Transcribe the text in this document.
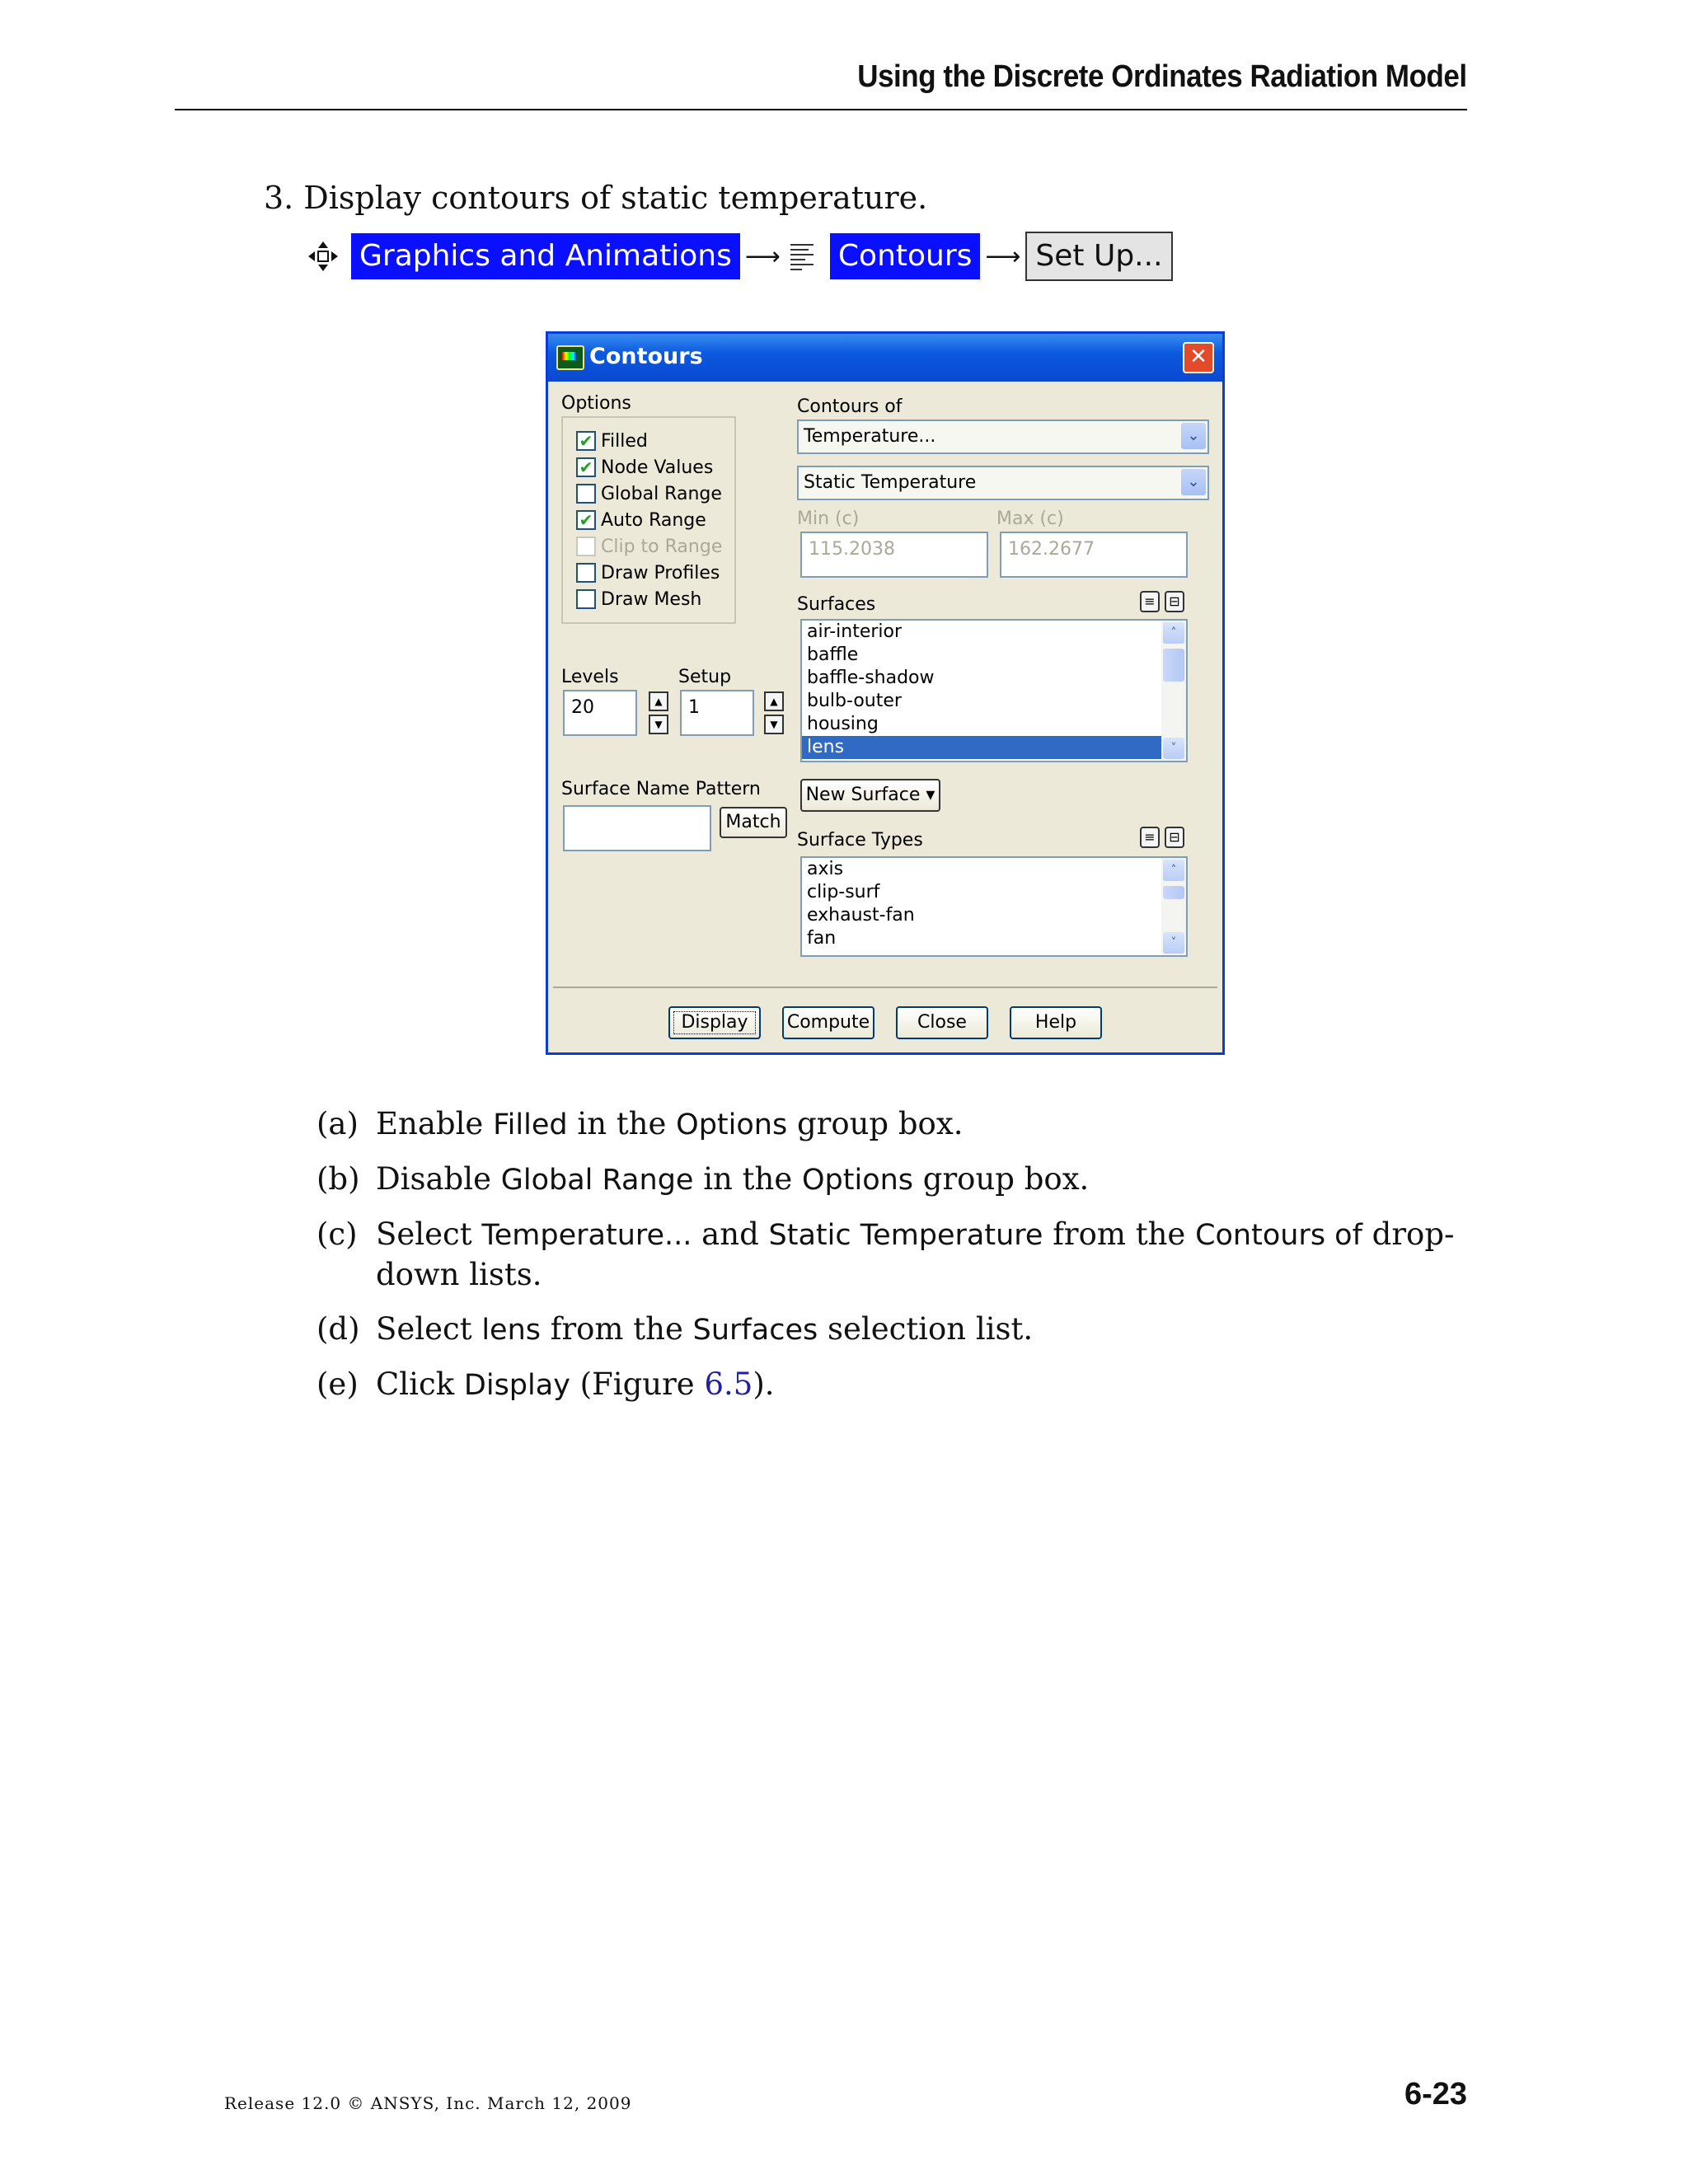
Using the Discrete Ordinates Radiation Model
3. Display contours of static temperature.
Graphics and Animations ⟶ Contours ⟶ Set Up...
Contours	✕
Options
✔ Filled
✔ Node Values
Global Range
✔ Auto Range
Clip to Range
Draw Profiles
Draw Mesh
Contours of
Temperature...	⌄
Static Temperature	⌄
Min (c)	Max (c)
115.2038	162.2677
Surfaces	≡	⊟
air-interior
baffle
baffle-shadow
bulb-outer
housing
lens
˄
˅
Levels	Setup
20	▲
▼
1	▲
▼
Surface Name Pattern
Match
New Surface ▾
Surface Types	≡	⊟
axis
clip-surf
exhaust-fan
fan
˄
˅
Display	Compute	Close	Help
(a) Enable Filled in the Options group box.
(b) Disable Global Range in the Options group box.
(c) Select Temperature... and Static Temperature from the Contours of drop-down lists.
(d) Select lens from the Surfaces selection list.
(e) Click Display (Figure 6.5).
Release 12.0 © ANSYS, Inc. March 12, 2009	6-23
